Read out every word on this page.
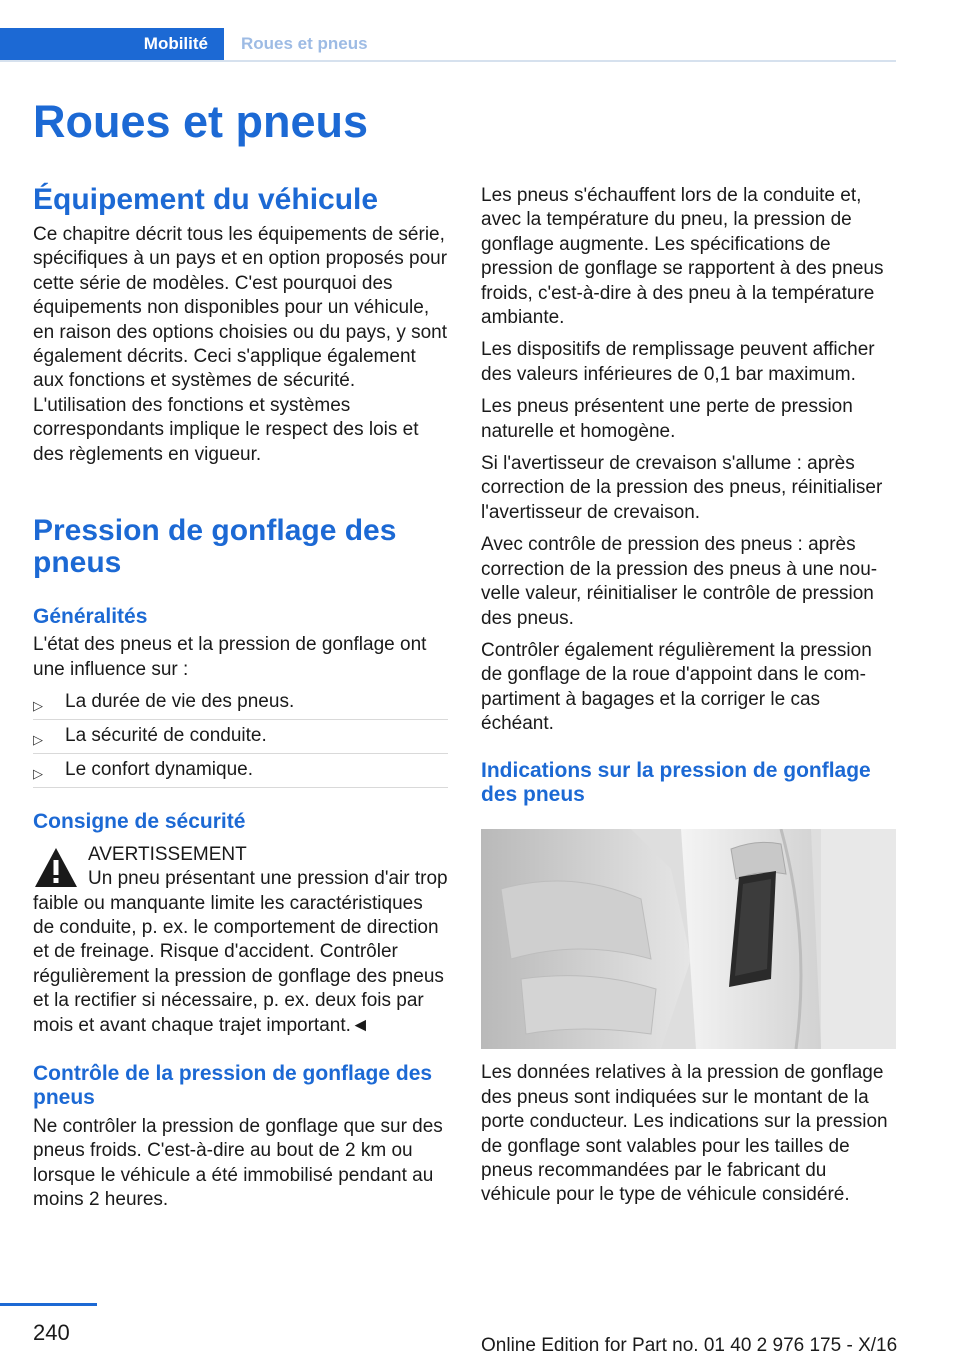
Mobilité	Roues et pneus
Roues et pneus
Équipement du véhicule

Ce chapitre décrit tous les équipements de série, spécifiques à un pays et en option proposés pour cette série de modèles. C'est pourquoi des équipements non disponibles pour un véhicule, en raison des options choisies ou du pays, y sont également décrits. Ceci s'applique également aux fonctions et systèmes de sécurité. L'utilisation des fonctions et systèmes correspondants implique le respect des lois et des règlements en vigueur.

Pression de gonflage des pneus
Généralités

L'état des pneus et la pression de gonflage ont une influence sur :

▷	La durée de vie des pneus.
▷	La sécurité de conduite.
▷	Le confort dynamique.
Consigne de sécurité
AVERTISSEMENT

Un pneu présentant une pression d'air trop faible ou manquante limite les caractéristiques de conduite, p. ex. le comportement de direction et de freinage. Risque d'accident. Contrôler régulièrement la pression de gonflage des pneus et la rectifier si nécessaire, p. ex. deux fois par mois et avant chaque trajet important.◄

Contrôle de la pression de gonflage des pneus

Ne contrôler la pression de gonflage que sur des pneus froids. C'est-à-dire au bout de 2 km ou lorsque le véhicule a été immobilisé pendant au moins 2 heures.

Les pneus s'échauffent lors de la conduite et, avec la température du pneu, la pression de gonflage augmente. Les spécifications de pression de gonflage se rapportent à des pneus froids, c'est-à-dire à des pneu à la température ambiante.

Les dispositifs de remplissage peuvent afficher des valeurs inférieures de 0,1 bar maximum.

Les pneus présentent une perte de pression naturelle et homogène.

Si l'avertisseur de crevaison s'allume : après correction de la pression des pneus, réinitialiser l'avertisseur de crevaison.

Avec contrôle de pression des pneus : après correction de la pression des pneus à une nouvelle valeur, réinitialiser le contrôle de pression des pneus.

Contrôler également régulièrement la pression de gonflage de la roue d'appoint dans le compartiment à bagages et la corriger le cas échéant.

Indications sur la pression de gonflage des pneus

Les données relatives à la pression de gonflage des pneus sont indiquées sur le montant de la porte conducteur. Les indications sur la pression de gonflage sont valables pour les tailles de pneus recommandées par le fabricant du véhicule pour le type de véhicule considéré.

240
Online Edition for Part no. 01 40 2 976 175 - X/16
